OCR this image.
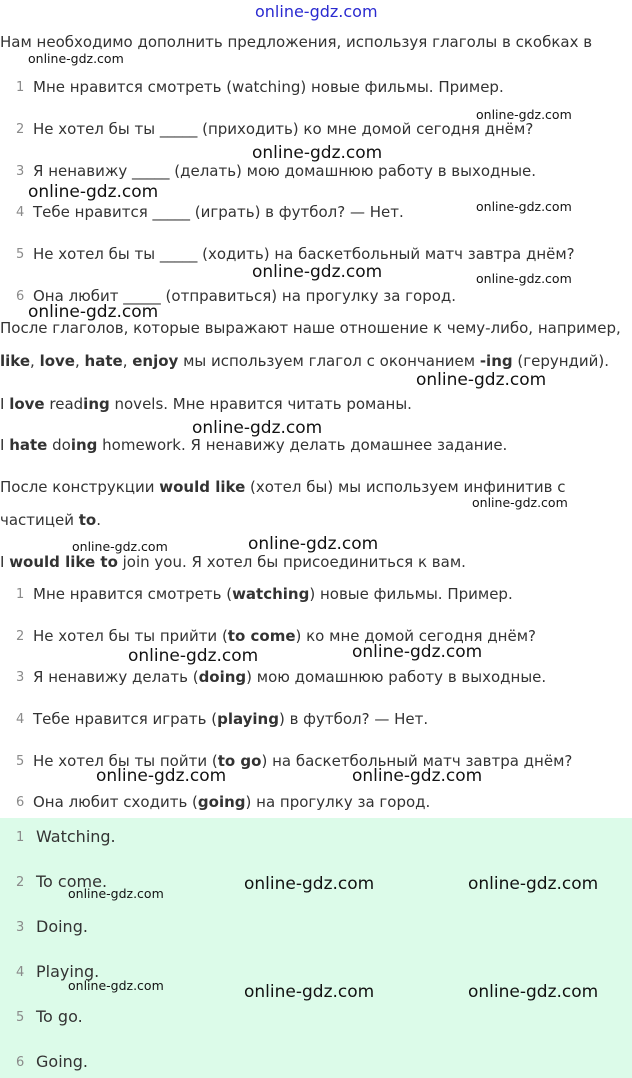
online-gdz.com
Нам необходимо дополнить предложения, используя глаголы в скобках в
1 Мне нравится смотреть (watching) новые фильмы. Пример.
2 Не хотел бы ты _____ (приходить) ко мне домой сегодня днём?
3 Я ненавижу _____ (делать) мою домашнюю работу в выходные.
4 Тебе нравится _____ (играть) в футбол? — Нет.
5 Не хотел бы ты _____ (ходить) на баскетбольный матч завтра днём?
6 Она любит _____ (отправиться) на прогулку за город.
После глаголов, которые выражают наше отношение к чему-либо, например,
like, love, hate, enjoy мы используем глагол с окончанием -ing (герундий).
I love reading novels. Мне нравится читать романы.
I hate doing homework. Я ненавижу делать домашнее задание.
После конструкции would like (хотел бы) мы используем инфинитив с
частицей to.
I would like to join you. Я хотел бы присоединиться к вам.
1 Мне нравится смотреть (watching) новые фильмы. Пример.
2 Не хотел бы ты прийти (to come) ко мне домой сегодня днём?
3 Я ненавижу делать (doing) мою домашнюю работу в выходные.
4 Тебе нравится играть (playing) в футбол? — Нет.
5 Не хотел бы ты пойти (to go) на баскетбольный матч завтра днём?
6 Она любит сходить (going) на прогулку за город.
1 Watching.
2 To come.
3 Doing.
4 Playing.
5 To go.
6 Going.
online-gdz.com
online-gdz.com
online-gdz.com
online-gdz.com
online-gdz.com
online-gdz.com	online-gdz.com
online-gdz.com
online-gdz.com
online-gdz.com
online-gdz.com
online-gdz.com	online-gdz.com
online-gdz.com	online-gdz.com
online-gdz.com	online-gdz.com
online-gdz.com	online-gdz.com
online-gdz.com
online-gdz.com	online-gdz.com	online-gdz.com
